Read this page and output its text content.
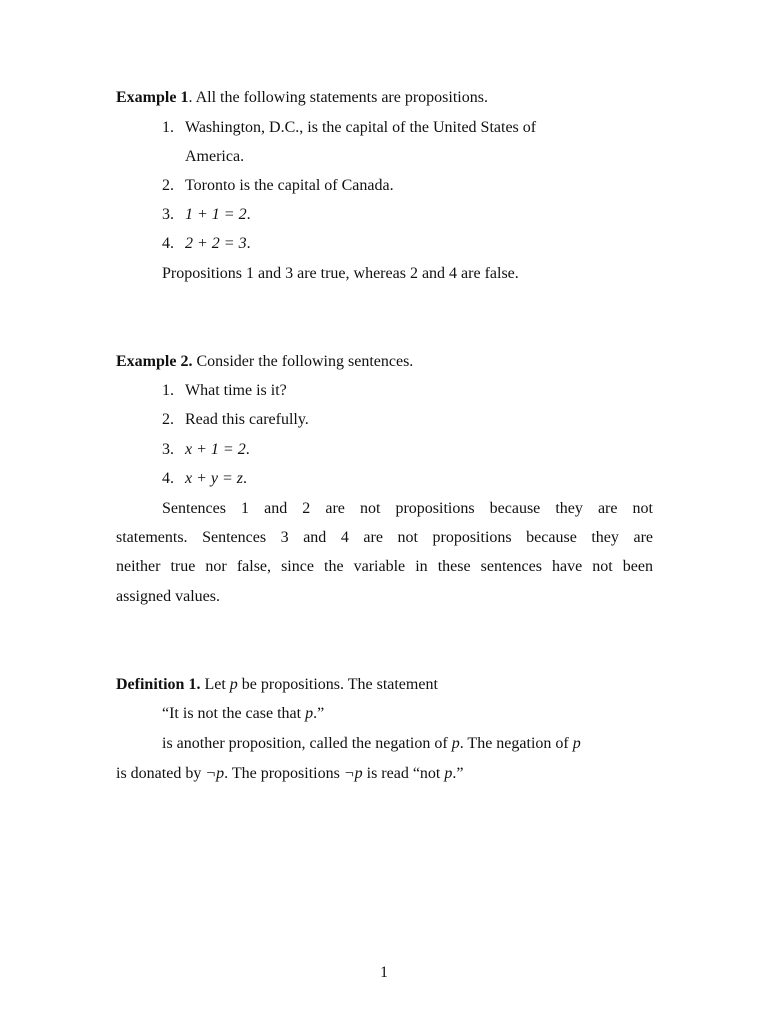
Example 1. All the following statements are propositions.

1. Washington, D.C., is the capital of the United States of

America.

2. Toronto is the capital of Canada.

3. 1 + 1 = 2.

4. 2 + 2 = 3.

Propositions 1 and 3 are true, whereas 2 and 4 are false.

Example 2. Consider the following sentences.

1. What time is it?

2. Read this carefully.

3. x + 1 = 2.

4. x + y = z.

Sentences 1 and 2 are not propositions because they are not

statements. Sentences 3 and 4 are not propositions because they are

neither true nor false, since the variable in these sentences have not been

assigned values.

Definition 1. Let p be propositions. The statement

“It is not the case that p.”

is another proposition, called the negation of p. The negation of p

is donated by ¬p. The propositions ¬p is read “not p.”

1
